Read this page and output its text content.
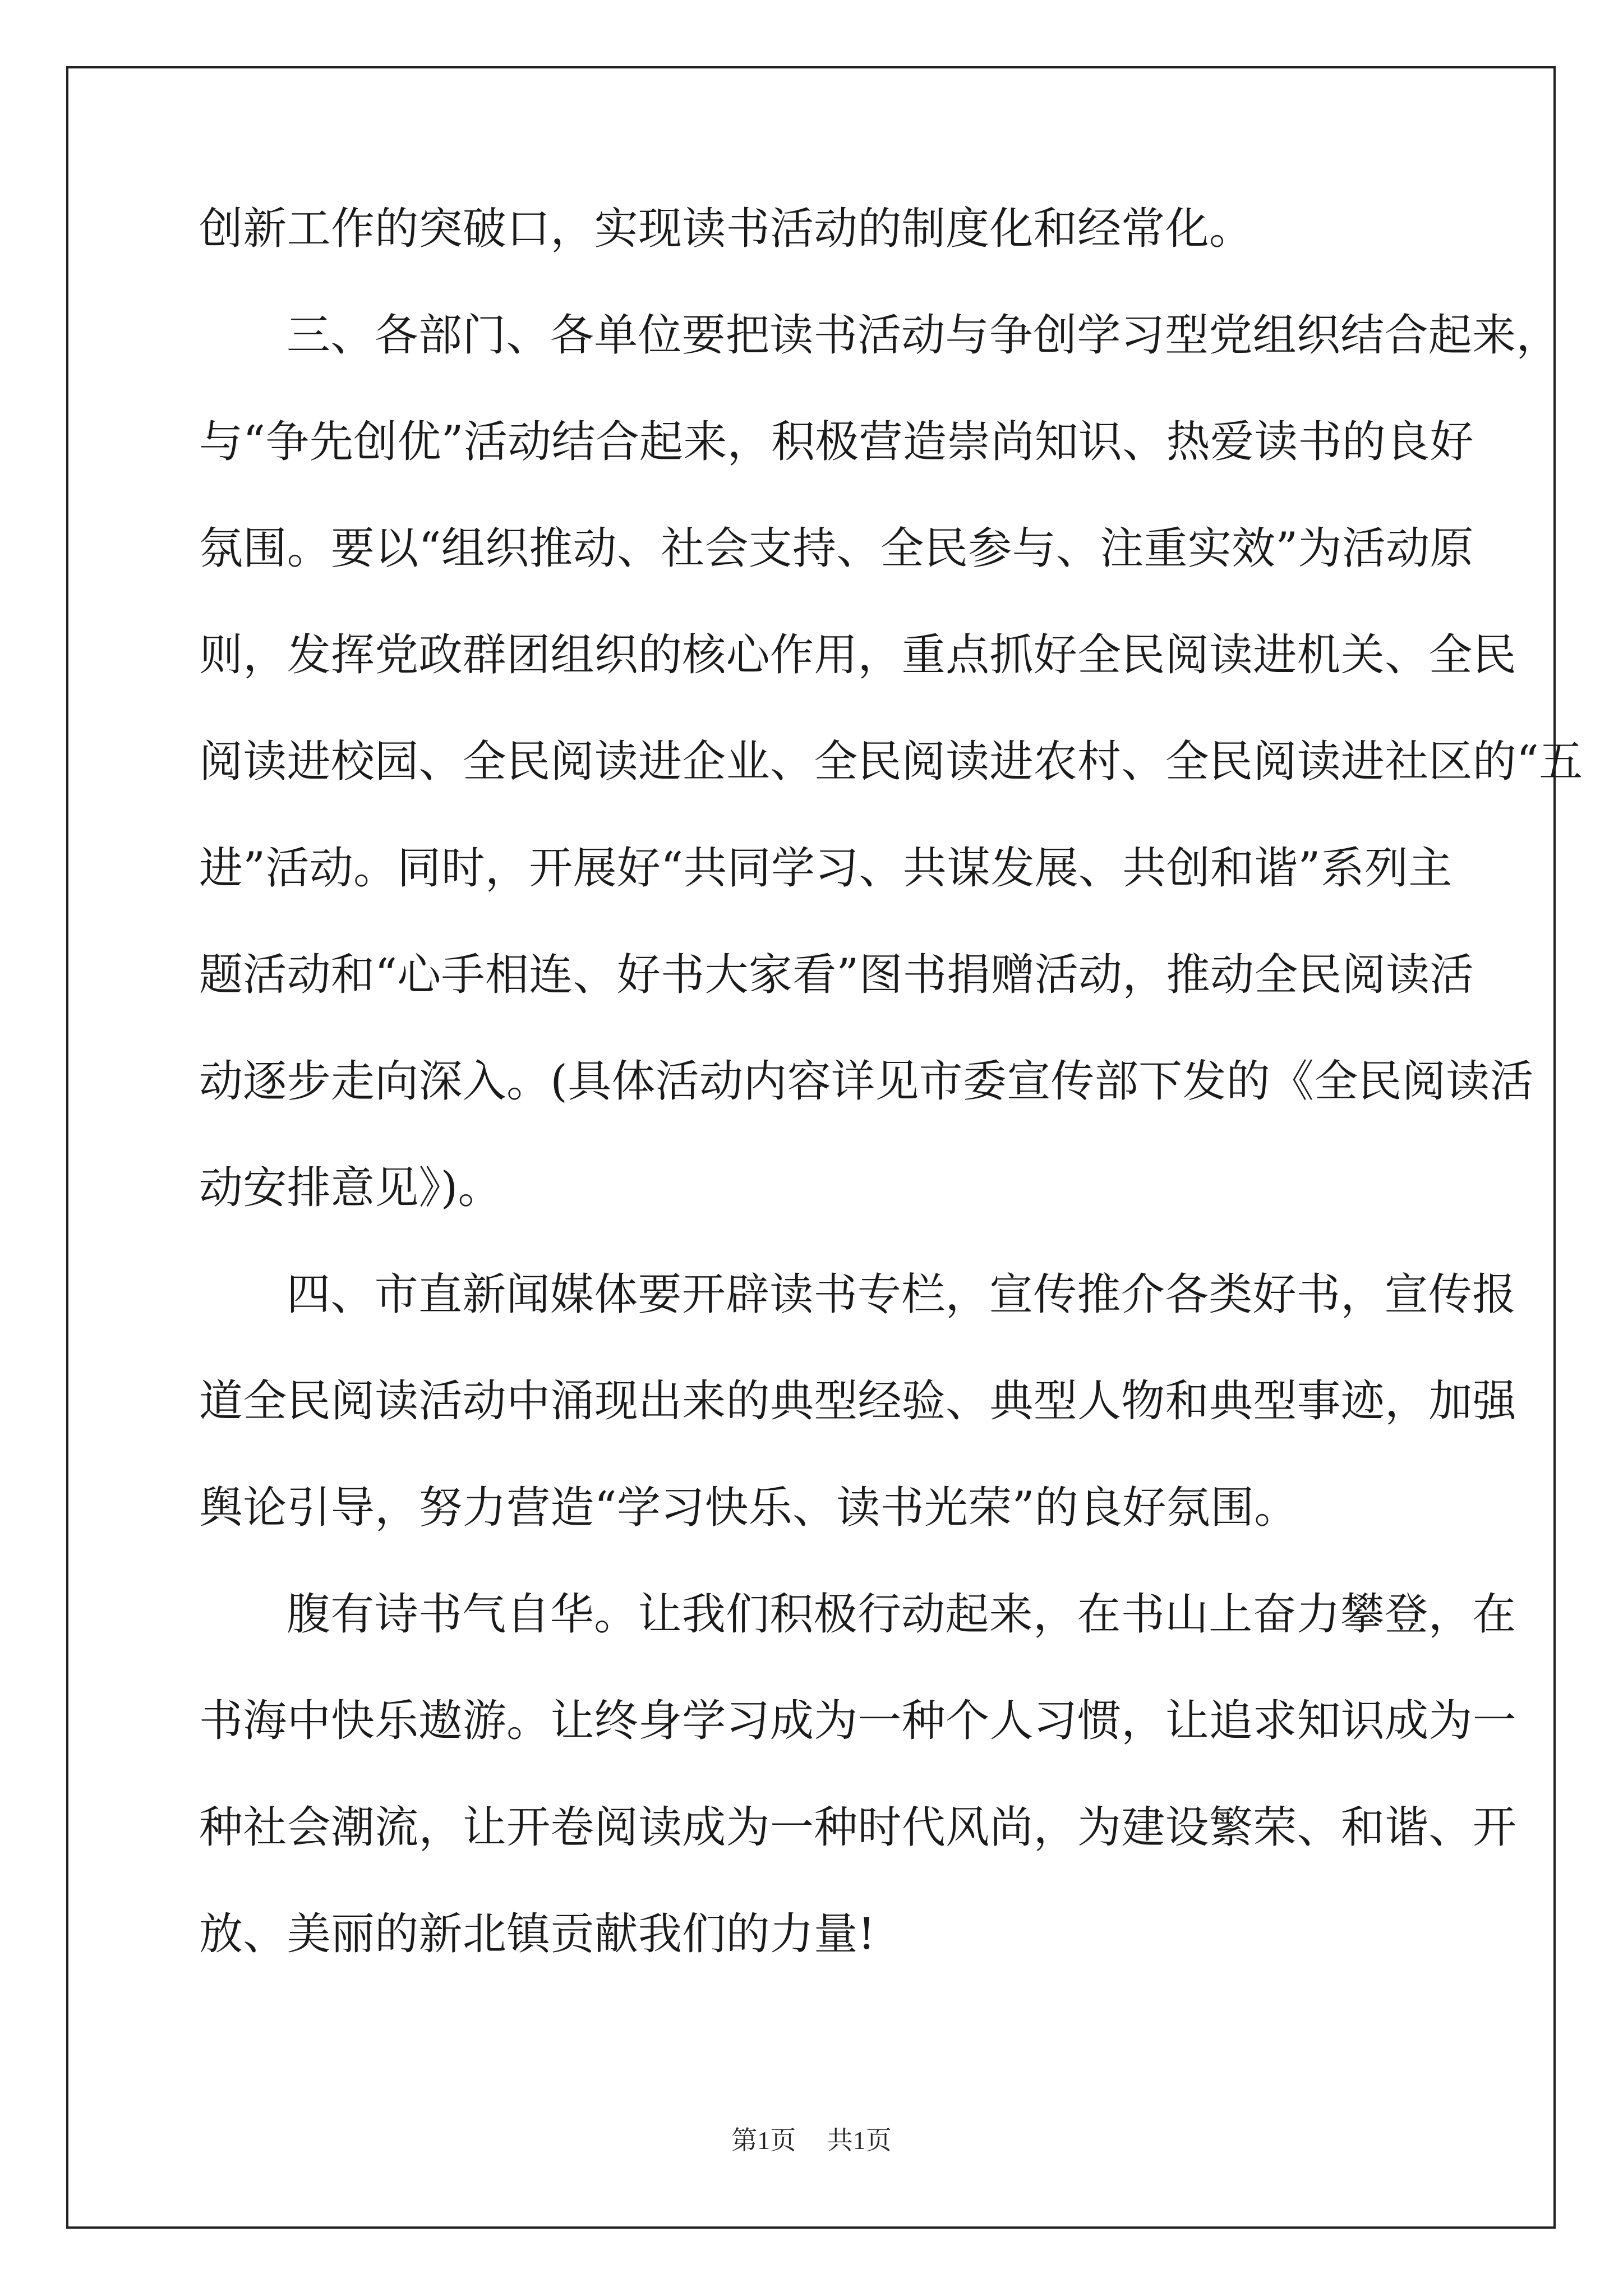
创新工作的突破口，实现读书活动的制度化和经常化。
三、各部门、各单位要把读书活动与争创学习型党组织结合起来，
与“争先创优”活动结合起来，积极营造崇尚知识、热爱读书的良好
氛围。要以“组织推动、社会支持、全民参与、注重实效”为活动原
则，发挥党政群团组织的核心作用，重点抓好全民阅读进机关、全民
阅读进校园、全民阅读进企业、全民阅读进农村、全民阅读进社区的“五
进”活动。同时，开展好“共同学习、共谋发展、共创和谐”系列主
题活动和“心手相连、好书大家看”图书捐赠活动，推动全民阅读活
动逐步走向深入。(具体活动内容详见市委宣传部下发的《全民阅读活
动安排意见》)。
四、市直新闻媒体要开辟读书专栏，宣传推介各类好书，宣传报
道全民阅读活动中涌现出来的典型经验、典型人物和典型事迹，加强
舆论引导，努力营造“学习快乐、读书光荣”的良好氛围。
腹有诗书气自华。让我们积极行动起来，在书山上奋力攀登，在
书海中快乐遨游。让终身学习成为一种个人习惯，让追求知识成为一
种社会潮流，让开卷阅读成为一种时代风尚，为建设繁荣、和谐、开
放、美丽的新北镇贡献我们的力量!
第1页 共1页
